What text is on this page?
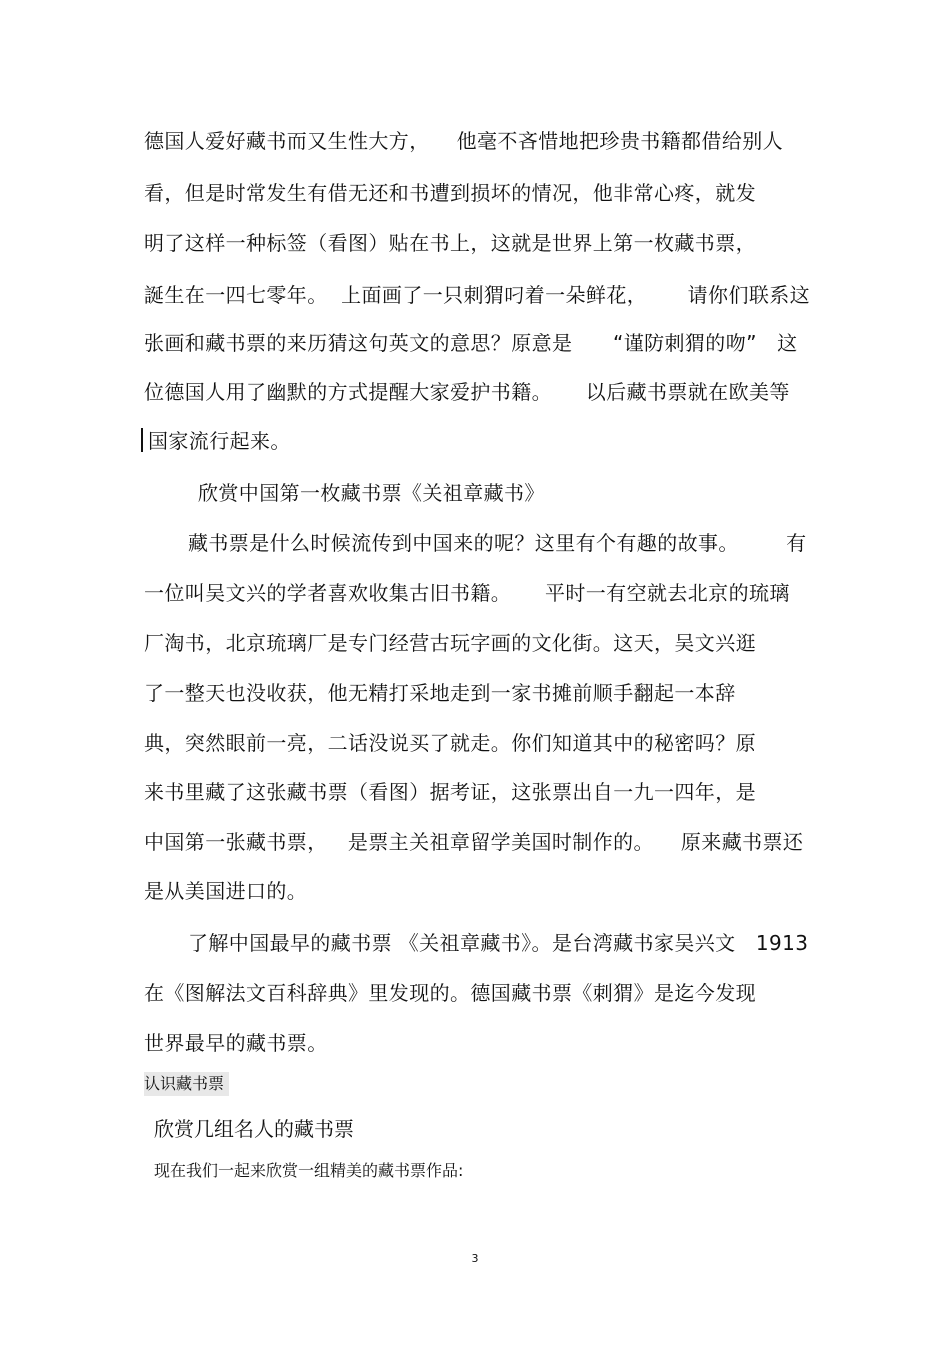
德国人爱好藏书而又生性大方，    他毫不吝惜地把珍贵书籍都借给别人
看，但是时常发生有借无还和书遭到损坏的情况，他非常心疼，就发
明了这样一种标签（看图）贴在书上，这就是世界上第一枚藏书票，
誕生在一四七零年。  上面画了一只刺猬叼着一朵鲜花，      请你们联系这
张画和藏书票的来历猜这句英文的意思？原意是      “谨防刺猬的吻”   这
位德国人用了幽默的方式提醒大家爱护书籍。     以后藏书票就在欧美等
国家流行起来。
欣赏中国第一枚藏书票《关祖章藏书》
藏书票是什么时候流传到中国来的呢？这里有个有趣的故事。       有
一位叫吴文兴的学者喜欢收集古旧书籍。     平时一有空就去北京的琉璃
厂淘书，北京琉璃厂是专门经营古玩字画的文化街。这天，吴文兴逛
了一整天也没收获，他无精打采地走到一家书摊前顺手翻起一本辞
典，突然眼前一亮，二话没说买了就走。你们知道其中的秘密吗？原
来书里藏了这张藏书票（看图）据考证，这张票出自一九一四年，是
中国第一张藏书票，   是票主关祖章留学美国时制作的。    原来藏书票还
是从美国进口的。
了解中国最早的藏书票 《关祖章藏书》。是台湾藏书家吴兴文   1913
在《图解法文百科辞典》里发现的。德国藏书票《刺猬》是迄今发现
世界最早的藏书票。
认识藏书票
欣赏几组名人的藏书票
现在我们一起来欣赏一组精美的藏书票作品:
3
